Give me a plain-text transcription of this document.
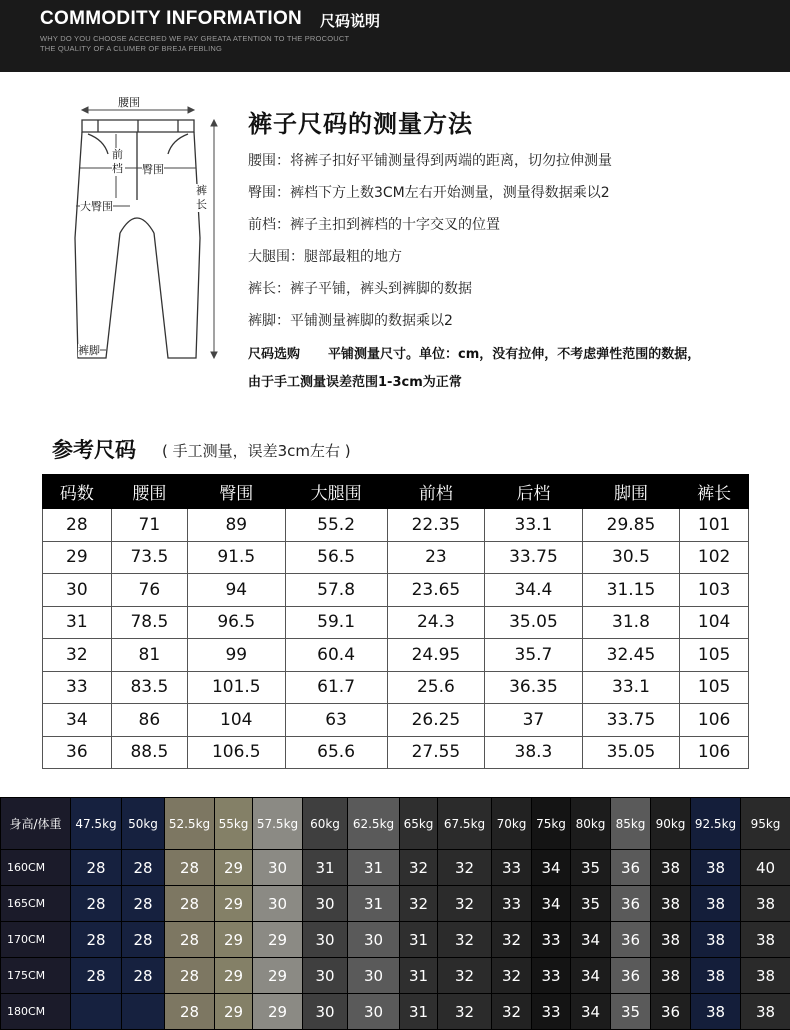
COMMODITY INFORMATION 尺码说明
WHY DO YOU CHOOSE ACECRED WE PAY GREATA ATENTION TO THE PROCOUCT
THE QUALITY OF A CLUMER OF BREJA FEBLING
腰围
前档 臀围
裤长
大臀围
裤脚
裤子尺码的测量方法
腰围：将裤子扣好平铺测量得到两端的距离，切勿拉伸测量
臀围：裤档下方上数3CM左右开始测量，测量得数据乘以2
前档：裤子主扣到裤档的十字交叉的位置
大腿围：腿部最粗的地方
裤长：裤子平铺，裤头到裤脚的数据
裤脚：平铺测量裤脚的数据乘以2
尺码选购 平铺测量尺寸。单位：cm，没有拉伸，不考虑弹性范围的数据，
由于手工测量误差范围1-3cm为正常
参考尺码 ( 手工测量，误差3cm左右 )
码数	腰围	臀围	大腿围	前档	后档	脚围	裤长
28	71	89	55.2	22.35	33.1	29.85	101
29	73.5	91.5	56.5	23	33.75	30.5	102
30	76	94	57.8	23.65	34.4	31.15	103
31	78.5	96.5	59.1	24.3	35.05	31.8	104
32	81	99	60.4	24.95	35.7	32.45	105
33	83.5	101.5	61.7	25.6	36.35	33.1	105
34	86	104	63	26.25	37	33.75	106
36	88.5	106.5	65.6	27.55	38.3	35.05	106
身高/体重	47.5kg	50kg	52.5kg	55kg	57.5kg	60kg	62.5kg	65kg	67.5kg	70kg	75kg	80kg	85kg	90kg	92.5kg	95kg
160CM	28	28	28	29	30	31	31	32	32	33	34	35	36	38	38	40
165CM	28	28	28	29	30	30	31	32	32	33	34	35	36	38	38	38
170CM	28	28	28	29	29	30	30	31	32	32	33	34	36	38	38	38
175CM	28	28	28	29	29	30	30	31	32	32	33	34	36	38	38	38
180CM			28	29	29	30	30	31	32	32	33	34	35	36	38	38
